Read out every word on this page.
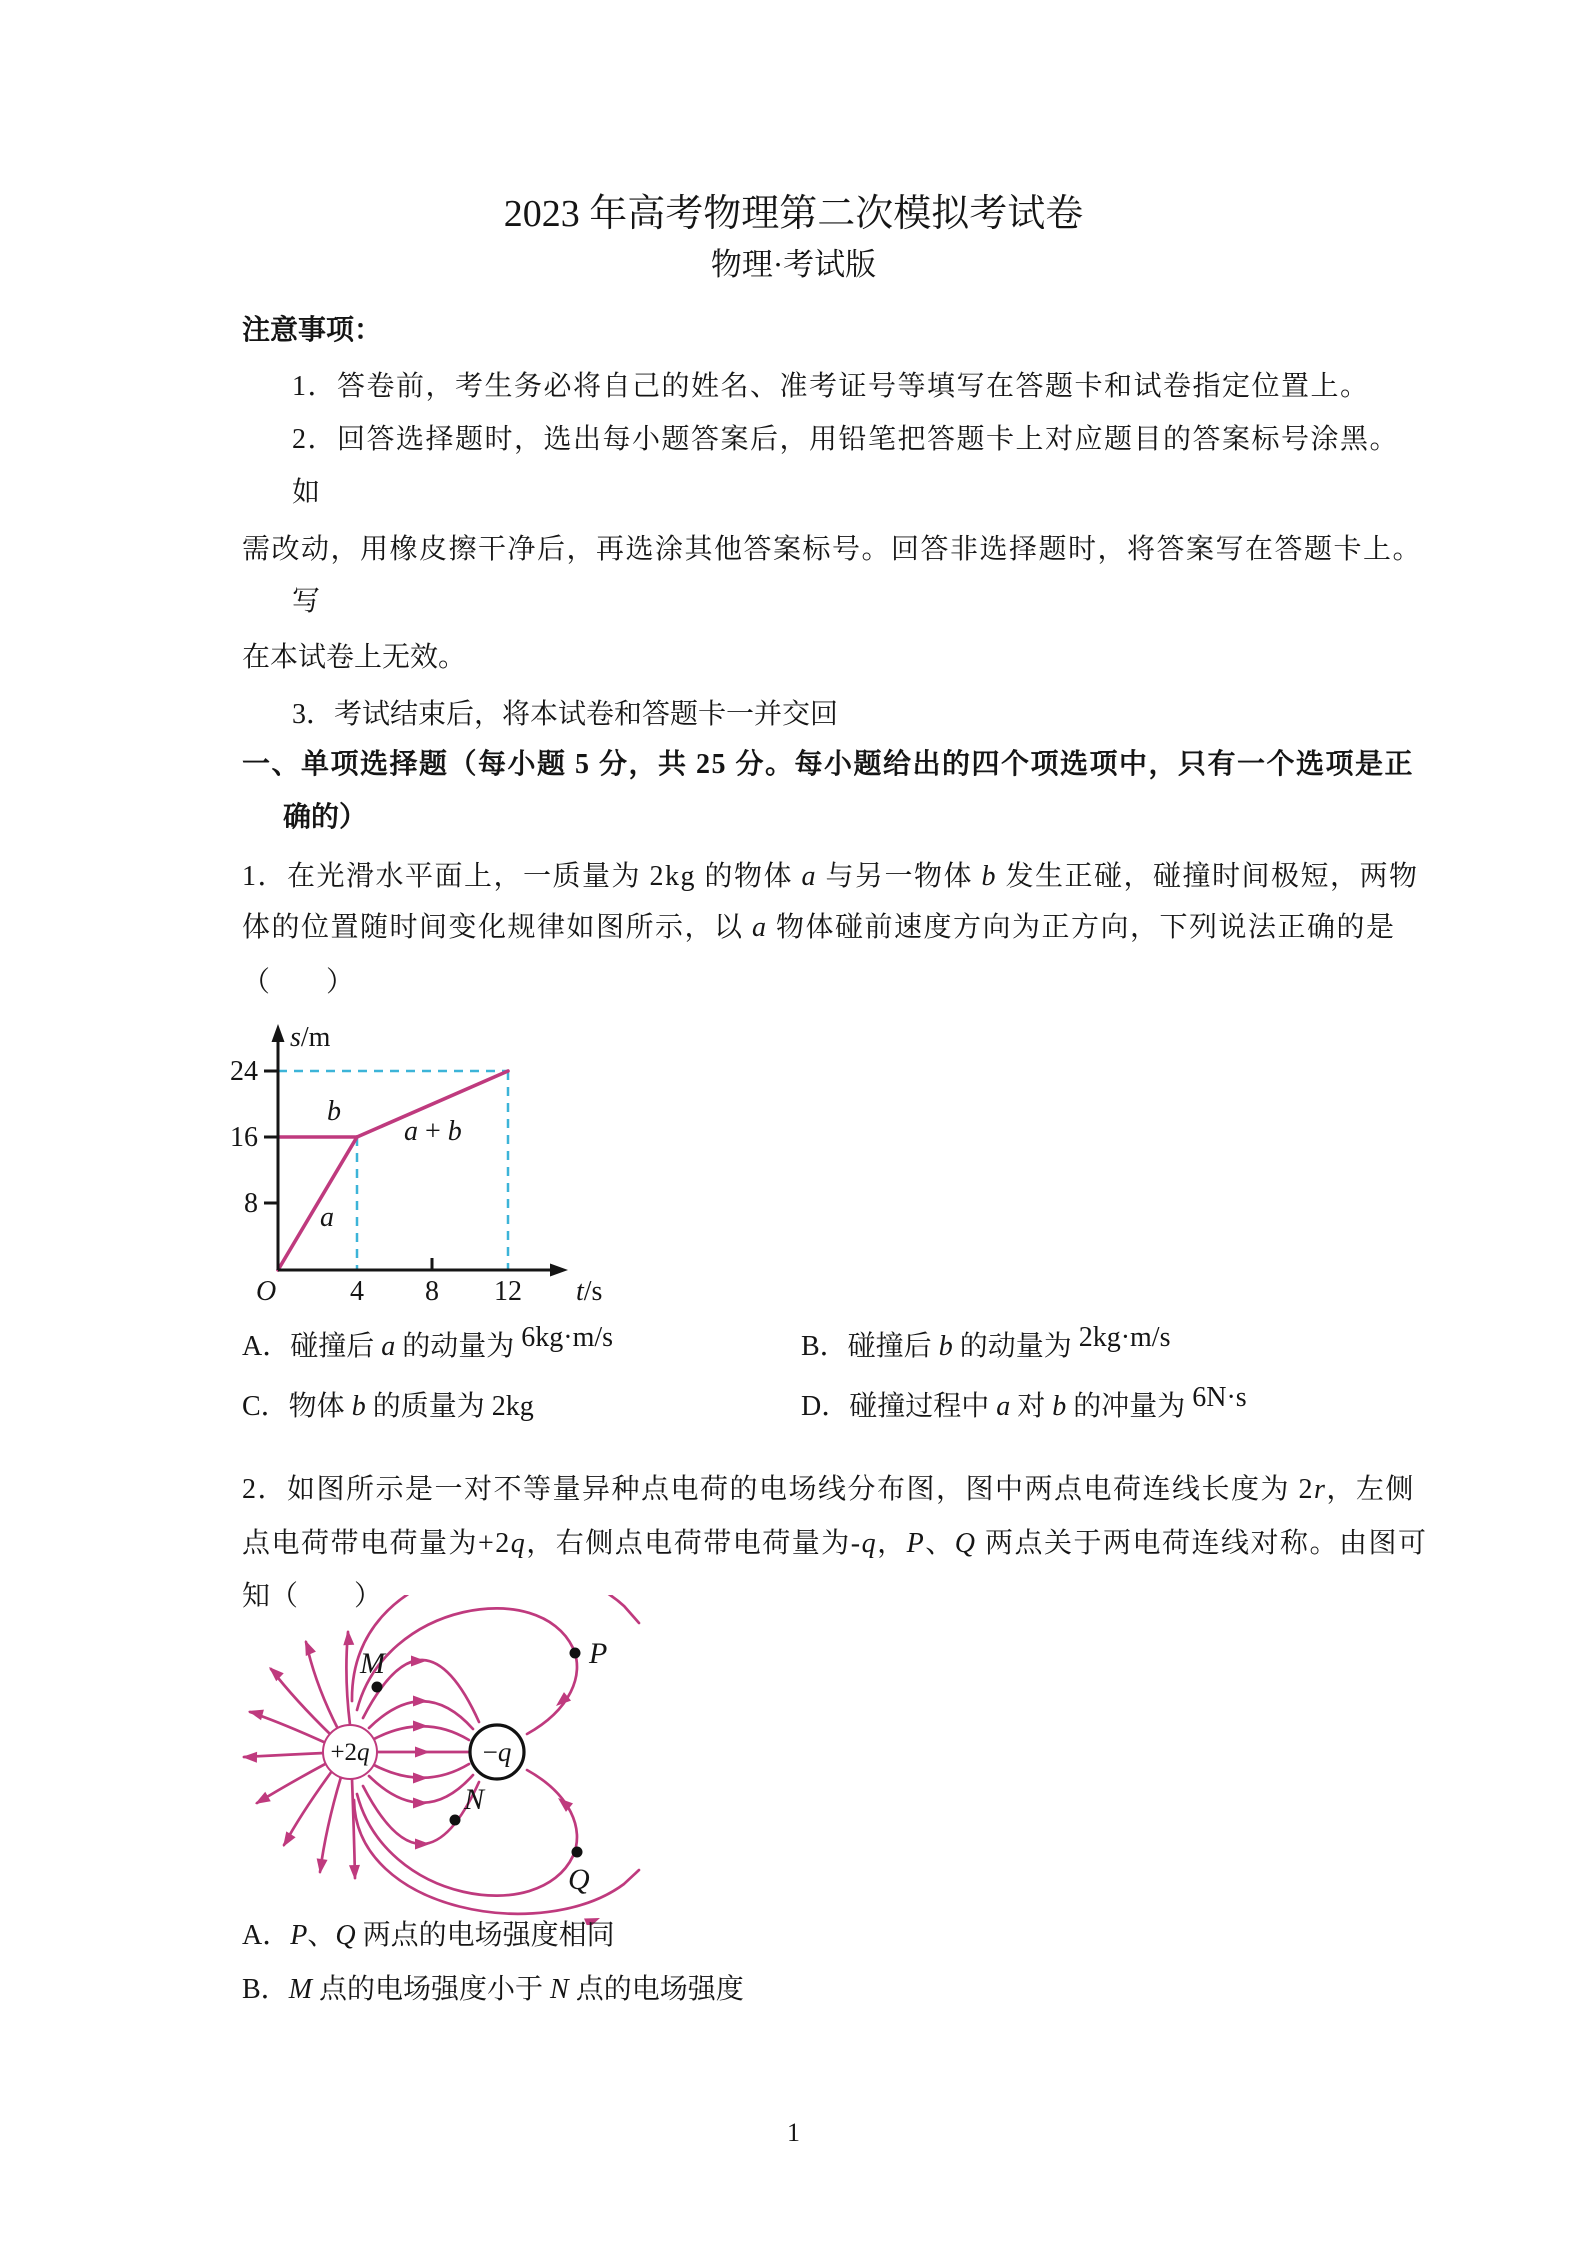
2023 年高考物理第二次模拟考试卷
物理·考试版
注意事项：
1．答卷前，考生务必将自己的姓名、准考证号等填写在答题卡和试卷指定位置上。
2．回答选择题时，选出每小题答案后，用铅笔把答题卡上对应题目的答案标号涂黑。
如
需改动，用橡皮擦干净后，再选涂其他答案标号。回答非选择题时，将答案写在答题卡上。
写
在本试卷上无效。
3．考试结束后，将本试卷和答题卡一并交回
一、单项选择题（每小题 5 分，共 25 分。每小题给出的四个项选项中，只有一个选项是正
确的）
1．在光滑水平面上，一质量为 2kg 的物体 a 与另一物体 b 发生正碰，碰撞时间极短，两物
体的位置随时间变化规律如图所示，以 a 物体碰前速度方向为正方向，下列说法正确的是
（　　）
s/m
t/s
O
24
16
8
4 8 12
b
a
a + b
A．碰撞后 a 的动量为 6kg·m/s	B．碰撞后 b 的动量为 2kg·m/s
C．物体 b 的质量为 2kg	D．碰撞过程中 a 对 b 的冲量为 6N·s
2．如图所示是一对不等量异种点电荷的电场线分布图，图中两点电荷连线长度为 2r，左侧
点电荷带电荷量为+2q，右侧点电荷带电荷量为-q，P、Q 两点关于两电荷连线对称。由图可
知（　　）
+2q	−q
M	P
N
Q
A．P、Q 两点的电场强度相同
B．M 点的电场强度小于 N 点的电场强度
1
